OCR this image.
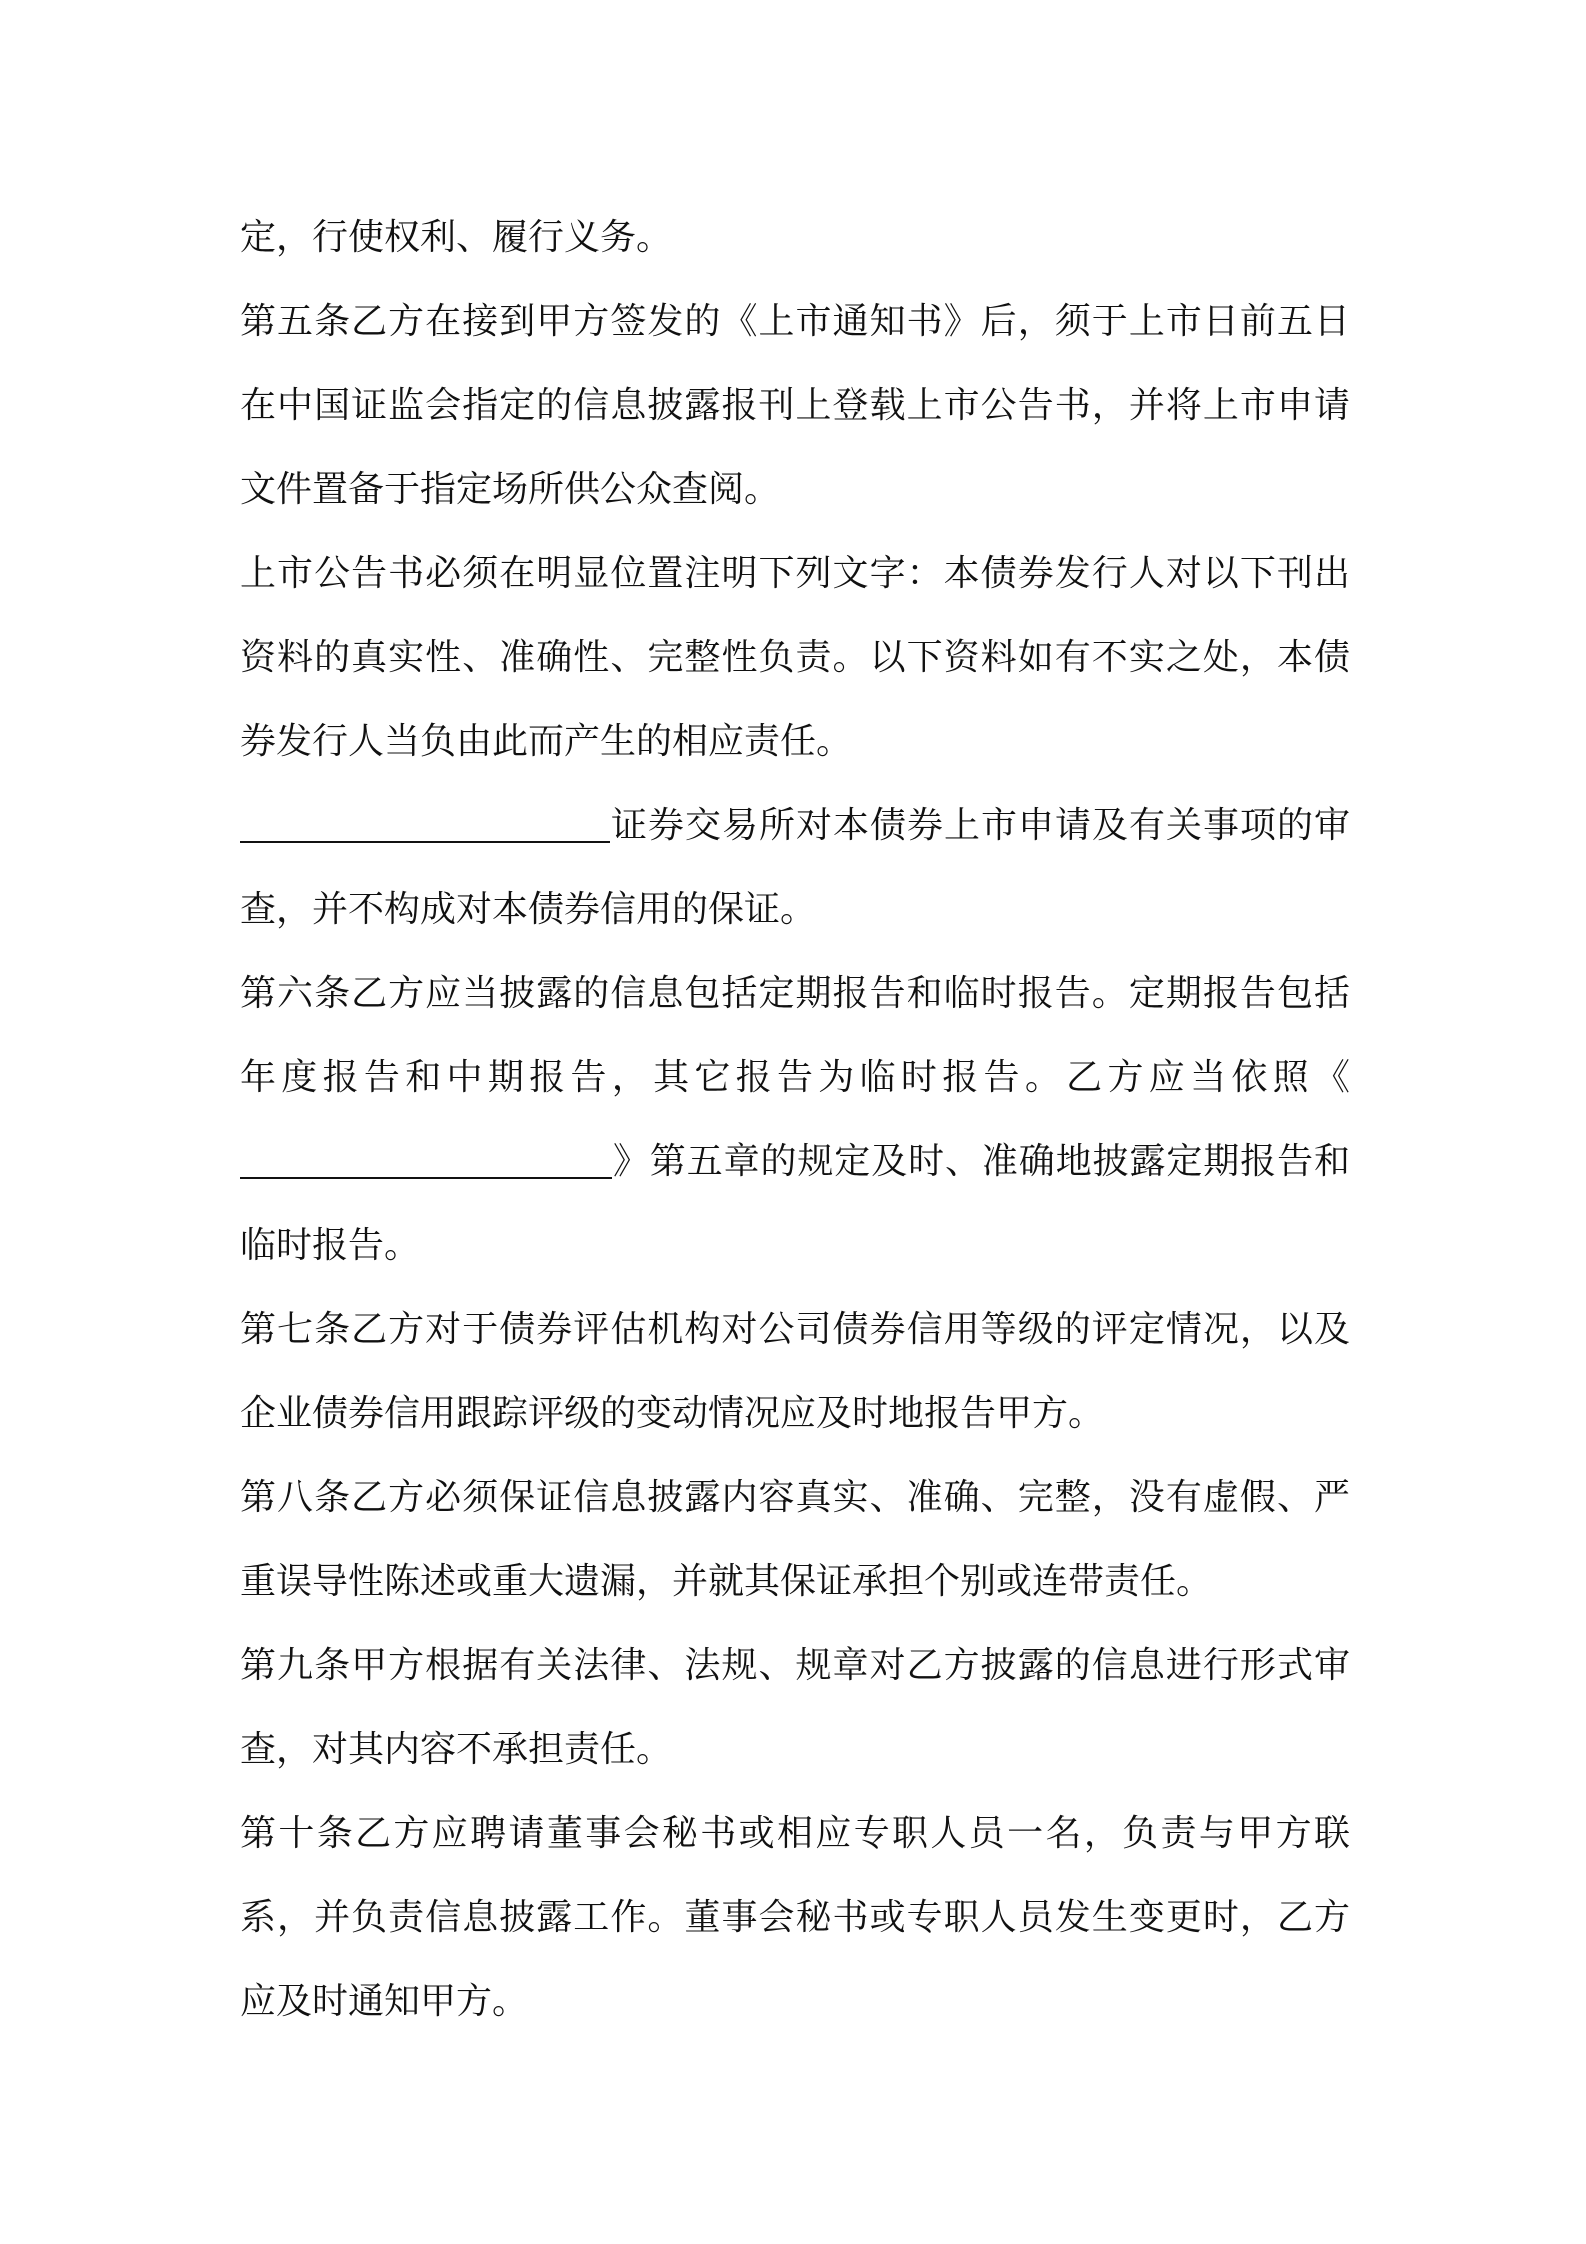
定，行使权利、履行义务。

第五条乙方在接到甲方签发的《上市通知书》后，须于上市日前五日在中国证监会指定的信息披露报刊上登载上市公告书，并将上市申请文件置备于指定场所供公众查阅。

上市公告书必须在明显位置注明下列文字：本债券发行人对以下刊出资料的真实性、准确性、完整性负责。以下资料如有不实之处，本债券发行人当负由此而产生的相应责任。

证券交易所对本债券上市申请及有关事项的审查，并不构成对本债券信用的保证。

第六条乙方应当披露的信息包括定期报告和临时报告。定期报告包括年度报告和中期报告，其它报告为临时报告。乙方应当依照《》第五章的规定及时、准确地披露定期报告和临时报告。

第七条乙方对于债券评估机构对公司债券信用等级的评定情况，以及企业债券信用跟踪评级的变动情况应及时地报告甲方。

第八条乙方必须保证信息披露内容真实、准确、完整，没有虚假、严重误导性陈述或重大遗漏，并就其保证承担个别或连带责任。

第九条甲方根据有关法律、法规、规章对乙方披露的信息进行形式审查，对其内容不承担责任。

第十条乙方应聘请董事会秘书或相应专职人员一名，负责与甲方联系，并负责信息披露工作。董事会秘书或专职人员发生变更时，乙方应及时通知甲方。
